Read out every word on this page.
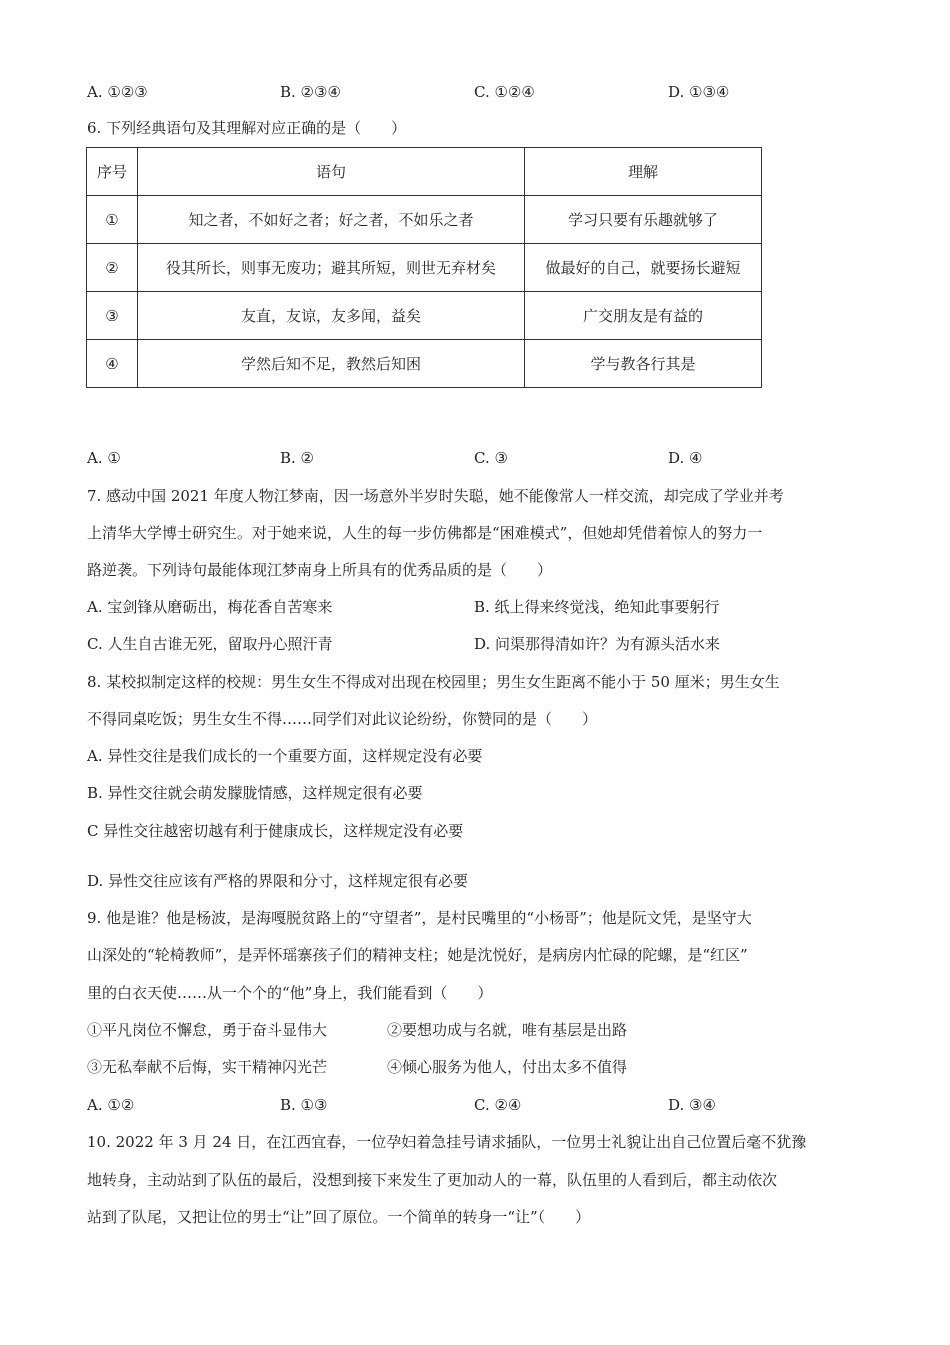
A. ①②③	B. ②③④	C. ①②④	D. ①③④
6. 下列经典语句及其理解对应正确的是（　　）
序号	语句	理解
①	知之者，不如好之者；好之者，不如乐之者	学习只要有乐趣就够了
②	役其所长，则事无废功；避其所短，则世无弃材矣	做最好的自己，就要扬长避短
③	友直，友谅，友多闻，益矣	广交朋友是有益的
④	学然后知不足，教然后知困	学与教各行其是
A. ①	B. ②	C. ③	D. ④
7. 感动中国 2021 年度人物江梦南，因一场意外半岁时失聪，她不能像常人一样交流，却完成了学业并考
上清华大学博士研究生。对于她来说，人生的每一步仿佛都是“困难模式”，但她却凭借着惊人的努力一
路逆袭。下列诗句最能体现江梦南身上所具有的优秀品质的是（　　）
A. 宝剑锋从磨砺出，梅花香自苦寒来	B. 纸上得来终觉浅，绝知此事要躬行
C. 人生自古谁无死，留取丹心照汗青	D. 问渠那得清如许？为有源头活水来
8. 某校拟制定这样的校规：男生女生不得成对出现在校园里；男生女生距离不能小于 50 厘米；男生女生
不得同桌吃饭；男生女生不得……同学们对此议论纷纷，你赞同的是（　　）
A. 异性交往是我们成长的一个重要方面，这样规定没有必要
B. 异性交往就会萌发朦胧情感，这样规定很有必要
C 异性交往越密切越有利于健康成长，这样规定没有必要
D. 异性交往应该有严格的界限和分寸，这样规定很有必要
9. 他是谁？他是杨波，是海嘎脱贫路上的“守望者”，是村民嘴里的“小杨哥”；他是阮文凭，是坚守大
山深处的“轮椅教师”，是弄怀瑶寨孩子们的精神支柱；她是沈悦好，是病房内忙碌的陀螺，是“红区”
里的白衣天使……从一个个的“他”身上，我们能看到（　　）
①平凡岗位不懈怠，勇于奋斗显伟大	②要想功成与名就，唯有基层是出路
③无私奉献不后悔，实干精神闪光芒	④倾心服务为他人，付出太多不值得
A. ①②	B. ①③	C. ②④	D. ③④
10. 2022 年 3 月 24 日，在江西宜春，一位孕妇着急挂号请求插队，一位男士礼貌让出自己位置后毫不犹豫
地转身，主动站到了队伍的最后，没想到接下来发生了更加动人的一幕，队伍里的人看到后，都主动依次
站到了队尾，又把让位的男士“让”回了原位。一个简单的转身一“让”（　　）
